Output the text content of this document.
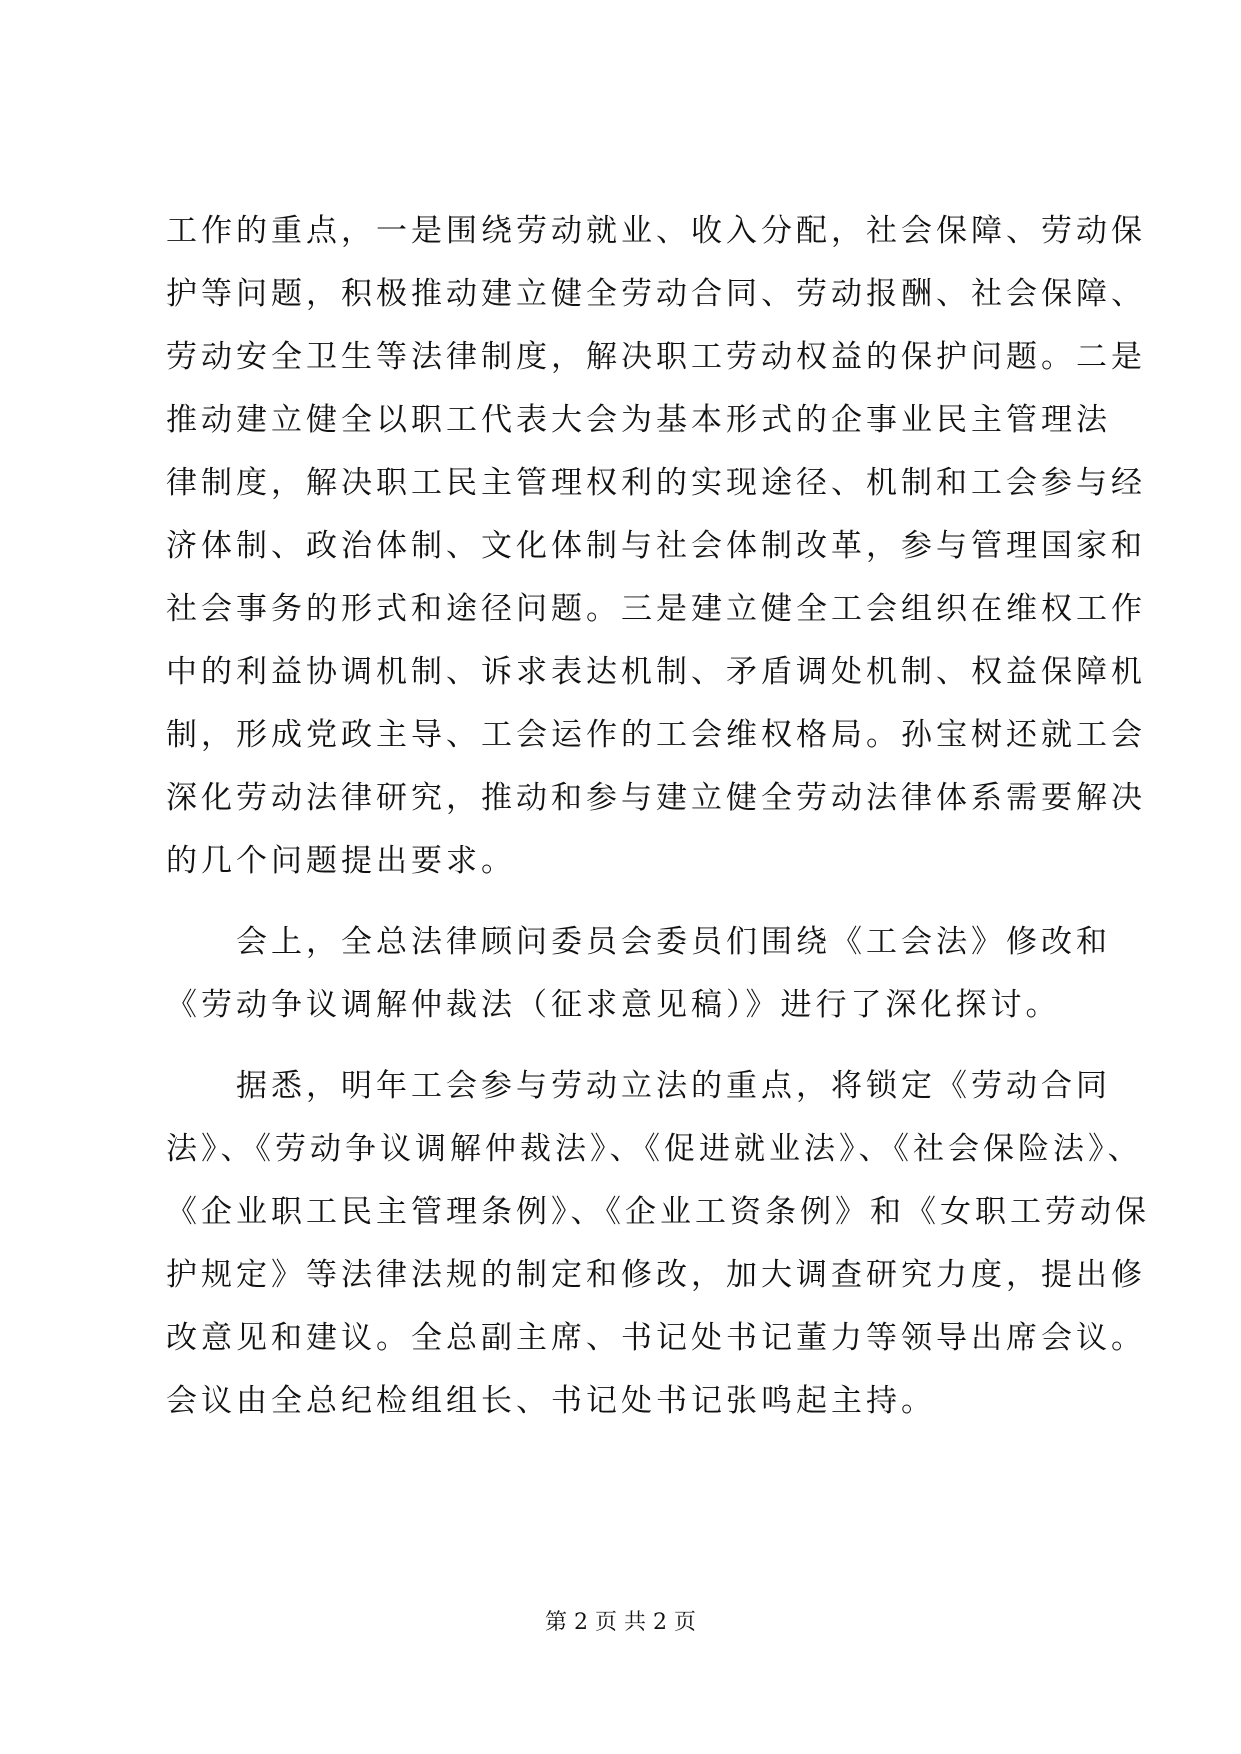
工作的重点，一是围绕劳动就业、收入分配，社会保障、劳动保
护等问题，积极推动建立健全劳动合同、劳动报酬、社会保障、
劳动安全卫生等法律制度，解决职工劳动权益的保护问题。二是
推动建立健全以职工代表大会为基本形式的企事业民主管理法
律制度，解决职工民主管理权利的实现途径、机制和工会参与经
济体制、政治体制、文化体制与社会体制改革，参与管理国家和
社会事务的形式和途径问题。三是建立健全工会组织在维权工作
中的利益协调机制、诉求表达机制、矛盾调处机制、权益保障机
制，形成党政主导、工会运作的工会维权格局。孙宝树还就工会
深化劳动法律研究，推动和参与建立健全劳动法律体系需要解决
的几个问题提出要求。
　　会上，全总法律顾问委员会委员们围绕《工会法》修改和
《劳动争议调解仲裁法（征求意见稿）》进行了深化探讨。
　　据悉，明年工会参与劳动立法的重点，将锁定《劳动合同
法》、《劳动争议调解仲裁法》、《促进就业法》、《社会保险法》、
《企业职工民主管理条例》、《企业工资条例》和《女职工劳动保
护规定》等法律法规的制定和修改，加大调查研究力度，提出修
改意见和建议。全总副主席、书记处书记董力等领导出席会议。
会议由全总纪检组组长、书记处书记张鸣起主持。
第 2 页 共 2 页
